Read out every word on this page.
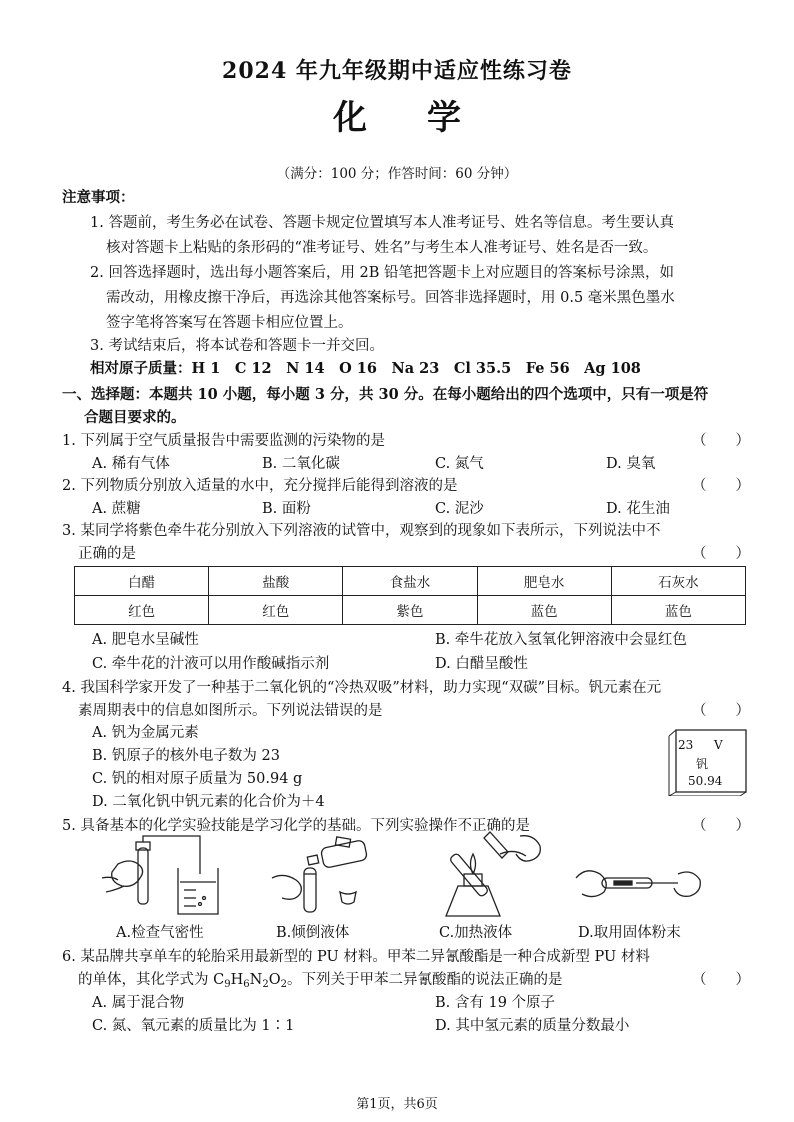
2024 年九年级期中适应性练习卷
化学
（满分：100 分；作答时间：60 分钟）
注意事项：
1. 答题前，考生务必在试卷、答题卡规定位置填写本人准考证号、姓名等信息。考生要认真
核对答题卡上粘贴的条形码的“准考证号、姓名”与考生本人准考证号、姓名是否一致。
2. 回答选择题时，选出每小题答案后，用 2B 铅笔把答题卡上对应题目的答案标号涂黑，如
需改动，用橡皮擦干净后，再选涂其他答案标号。回答非选择题时，用 0.5 毫米黑色墨水
签字笔将答案写在答题卡相应位置上。
3. 考试结束后，将本试卷和答题卡一并交回。
相对原子质量：H 1　C 12　N 14　O 16　Na 23　Cl 35.5　Fe 56　Ag 108
一、选择题：本题共 10 小题，每小题 3 分，共 30 分。在每小题给出的四个选项中，只有一项是符
合题目要求的。
1. 下列属于空气质量报告中需要监测的污染物的是	（　　）
A. 稀有气体	B. 二氧化碳	C. 氮气	D. 臭氧
2. 下列物质分别放入适量的水中，充分搅拌后能得到溶液的是	（　　）
A. 蔗糖	B. 面粉	C. 泥沙	D. 花生油
3. 某同学将紫色牵牛花分别放入下列溶液的试管中，观察到的现象如下表所示，下列说法中不
正确的是	（　　）
白醋	盐酸	食盐水	肥皂水	石灰水
红色	红色	紫色	蓝色	蓝色
A. 肥皂水呈碱性	B. 牵牛花放入氢氧化钾溶液中会显红色
C. 牵牛花的汁液可以用作酸碱指示剂	D. 白醋呈酸性
4. 我国科学家开发了一种基于二氧化钒的“冷热双吸”材料，助力实现“双碳”目标。钒元素在元
素周期表中的信息如图所示。下列说法错误的是	（　　）
A. 钒为金属元素
B. 钒原子的核外电子数为 23
C. 钒的相对原子质量为 50.94 g
D. 二氧化钒中钒元素的化合价为＋4
23 V
钒
50.94
5. 具备基本的化学实验技能是学习化学的基础。下列实验操作不正确的是	（　　）
A.检查气密性	B.倾倒液体	C.加热液体	D.取用固体粉末
6. 某品牌共享单车的轮胎采用最新型的 PU 材料。甲苯二异氰酸酯是一种合成新型 PU 材料
的单体，其化学式为 $C_9H_6N_2O_2$。下列关于甲苯二异氰酸酯的说法正确的是	（　　）
A. 属于混合物	B. 含有 19 个原子
C. 氮、氧元素的质量比为 1∶1	D. 其中氢元素的质量分数最小
第1页，共6页
